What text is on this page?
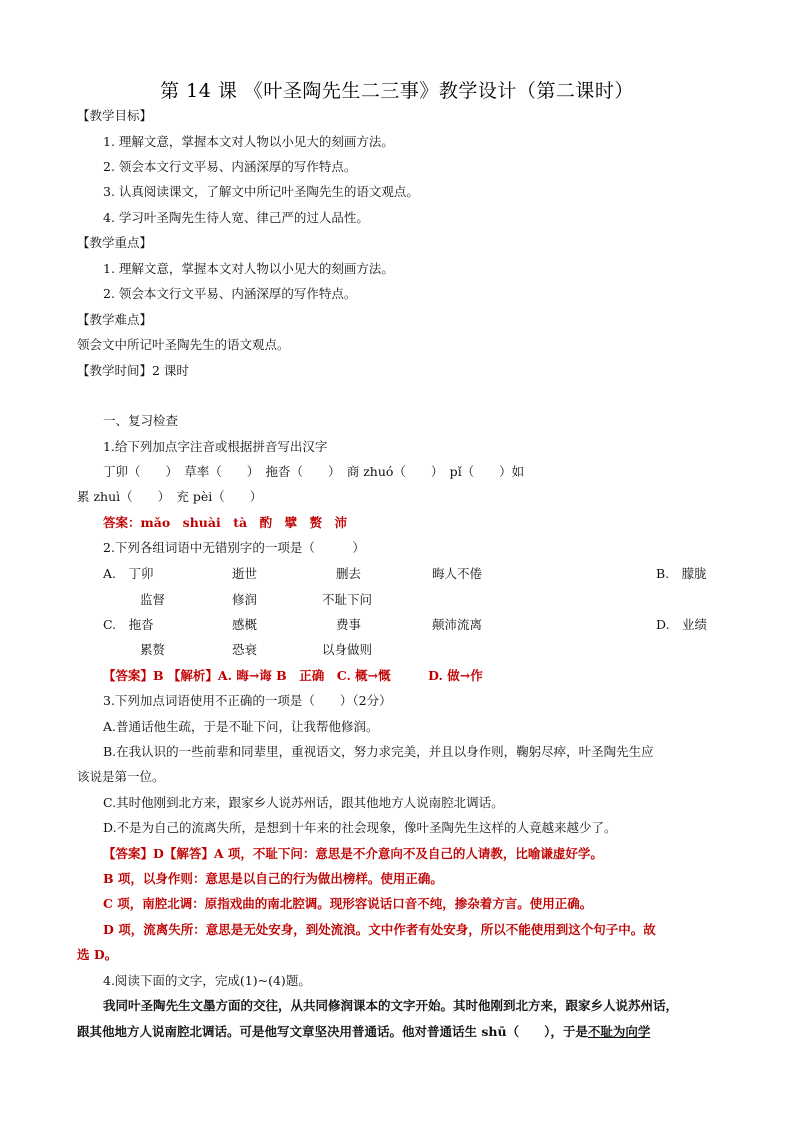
第 14 课 《叶圣陶先生二三事》教学设计（第二课时）
【教学目标】
1. 理解文意，掌握本文对人物以小见大的刻画方法。
2. 领会本文行文平易、内涵深厚的写作特点。
3. 认真阅读课文，了解文中所记叶圣陶先生的语文观点。
4. 学习叶圣陶先生待人宽、律己严的过人品性。
【教学重点】
1. 理解文意，掌握本文对人物以小见大的刻画方法。
2. 领会本文行文平易、内涵深厚的写作特点。
【教学难点】
领会文中所记叶圣陶先生的语文观点。
【教学时间】2 课时
一、复习检查
1.给下列加点字注音或根据拼音写出汉字
丁卯（　　）　草率（　　）　拖沓（　　）　商 zhuó（　　）　pǐ（　　）如
累 zhuì（　　）　充 pèi（　　）
答案：mǎo　shuài　tà　酌　擘　赘　沛
2.下列各组词语中无错别字的一项是（　　　）
A.　丁卯	逝世	删去	晦人不倦	B.　朦胧
监督	修润	不耻下问
C.　拖沓	感概	费事	颠沛流离	D.　业绩
累赘	恐衰	以身做则
【答案】B 【解析】A. 晦→诲 B　正确　C. 概→慨　　　D. 做→作
3.下列加点词语使用不正确的一项是（　　）（2分）
A.普通话他生疏，于是不耻下问，让我帮他修润。
B.在我认识的一些前辈和同辈里，重视语文，努力求完美，并且以身作则，鞠躬尽瘁，叶圣陶先生应
该说是第一位。
C.其时他刚到北方来，跟家乡人说苏州话，跟其他地方人说南腔北调话。
D.不是为自己的流离失所，是想到十年来的社会现象，像叶圣陶先生这样的人竟越来越少了。
【答案】D【解答】A 项，不耻下问：意思是不介意向不及自己的人请教，比喻谦虚好学。
B 项，以身作则：意思是以自己的行为做出榜样。使用正确。
C 项，南腔北调：原指戏曲的南北腔调。现形容说话口音不纯，掺杂着方言。使用正确。
D 项，流离失所：意思是无处安身，到处流浪。文中作者有处安身，所以不能使用到这个句子中。故
选 D。
4.阅读下面的文字，完成(1)~(4)题。
我同叶圣陶先生文墨方面的交往，从共同修润课本的文字开始。其时他刚到北方来，跟家乡人说苏州话，
跟其他地方人说南腔北调话。可是他写文章坚决用普通话。他对普通话生 shū（　　），于是不耻为向学
